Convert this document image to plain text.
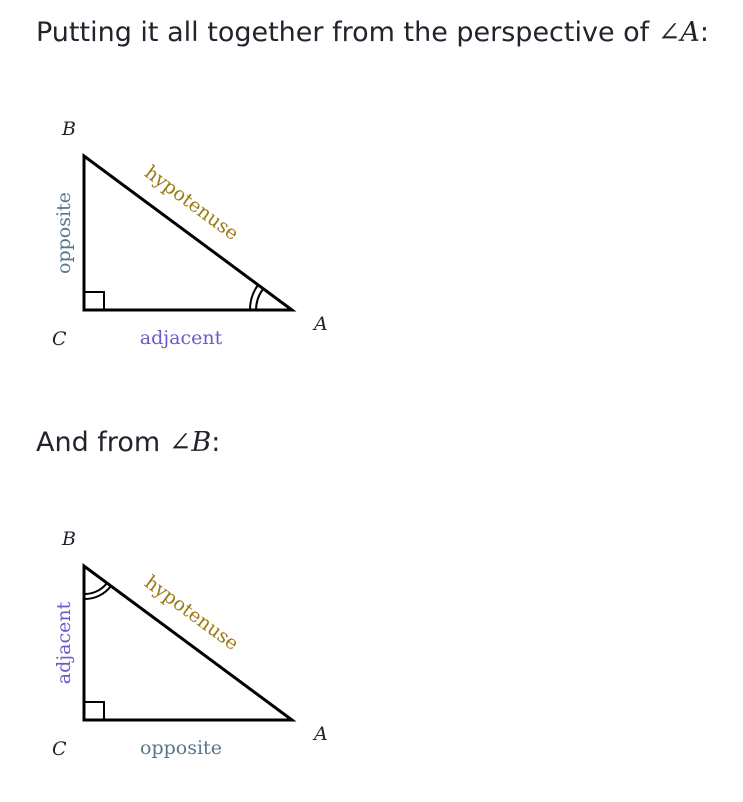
Putting it all together from the perspective of ∠A:
B
C
A
hypotenuse
opposite
adjacent
And from ∠B:
B
C
A
hypotenuse
adjacent
opposite
